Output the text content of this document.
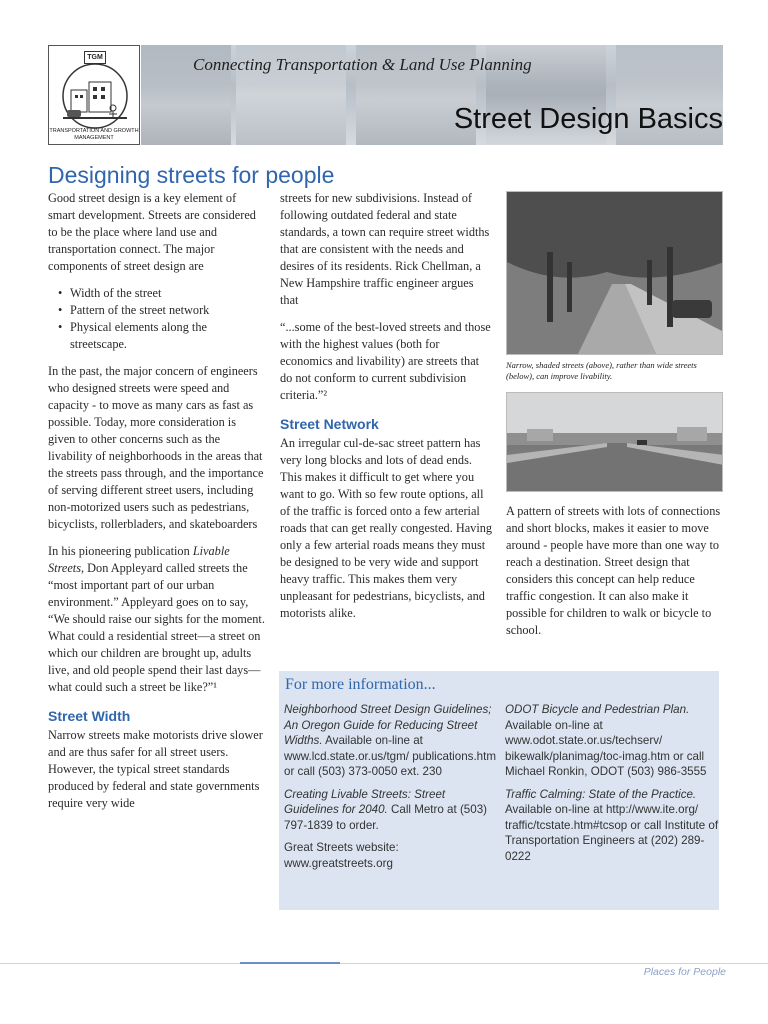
TGM
TRANSPORTATION AND GROWTH MANAGEMENT
Connecting Transportation & Land Use Planning
Street Design Basics
Designing streets for people

Good street design is a key element of smart development. Streets are considered to be the place where land use and transportation connect. The major components of street design are

• Width of the street
• Pattern of the street network
• Physical elements along the streetscape.

In the past, the major concern of engineers who designed streets were speed and capacity - to move as many cars as fast as possible. Today, more consideration is given to other concerns such as the livability of neighborhoods in the areas that the streets pass through, and the importance of serving different street users, including non-motorized users such as pedestrians, bicyclists, rollerbladers, and skateboarders

In his pioneering publication Livable Streets, Don Appleyard called streets the “most important part of our urban environment.” Appleyard goes on to say, “We should raise our sights for the moment. What could a residential street—a street on which our children are brought up, adults live, and old people spend their last days—what could such a street be like?”¹

Street Width

Narrow streets make motorists drive slower and are thus safer for all street users. However, the typical street standards produced by federal and state governments require very wide

streets for new subdivisions. Instead of following outdated federal and state standards, a town can require street widths that are consistent with the needs and desires of its residents. Rick Chellman, a New Hampshire traffic engineer argues that

“...some of the best-loved streets and those with the highest values (both for economics and livability) are streets that do not conform to current subdivision criteria.”²

Street Network

An irregular cul-de-sac street pattern has very long blocks and lots of dead ends. This makes it difficult to get where you want to go. With so few route options, all of the traffic is forced onto a few arterial roads that can get really congested. Having only a few arterial roads means they must be designed to be very wide and support heavy traffic. This makes them very unpleasant for pedestrians, bicyclists, and motorists alike.

Narrow, shaded streets (above), rather than wide streets (below), can improve livability.

A pattern of streets with lots of connections and short blocks, makes it easier to move around - people have more than one way to reach a destination. Street design that considers this concept can help reduce traffic congestion. It can also make it possible for children to walk or bicycle to school.

For more information...
Neighborhood Street Design Guidelines; An Oregon Guide for Reducing Street Widths. Available on-line at www.lcd.state.or.us/tgm/ publications.htm or call (503) 373-0050 ext. 230
Creating Livable Streets: Street Guidelines for 2040. Call Metro at (503) 797-1839 to order.
Great Streets website: www.greatstreets.org
ODOT Bicycle and Pedestrian Plan. Available on-line at www.odot.state.or.us/techserv/ bikewalk/planimag/toc-imag.htm or call Michael Ronkin, ODOT (503) 986-3555
Traffic Calming: State of the Practice. Available on-line at http://www.ite.org/ traffic/tcstate.htm#tcsop or call Institute of Transportation Engineers at (202) 289-0222
Places for People
